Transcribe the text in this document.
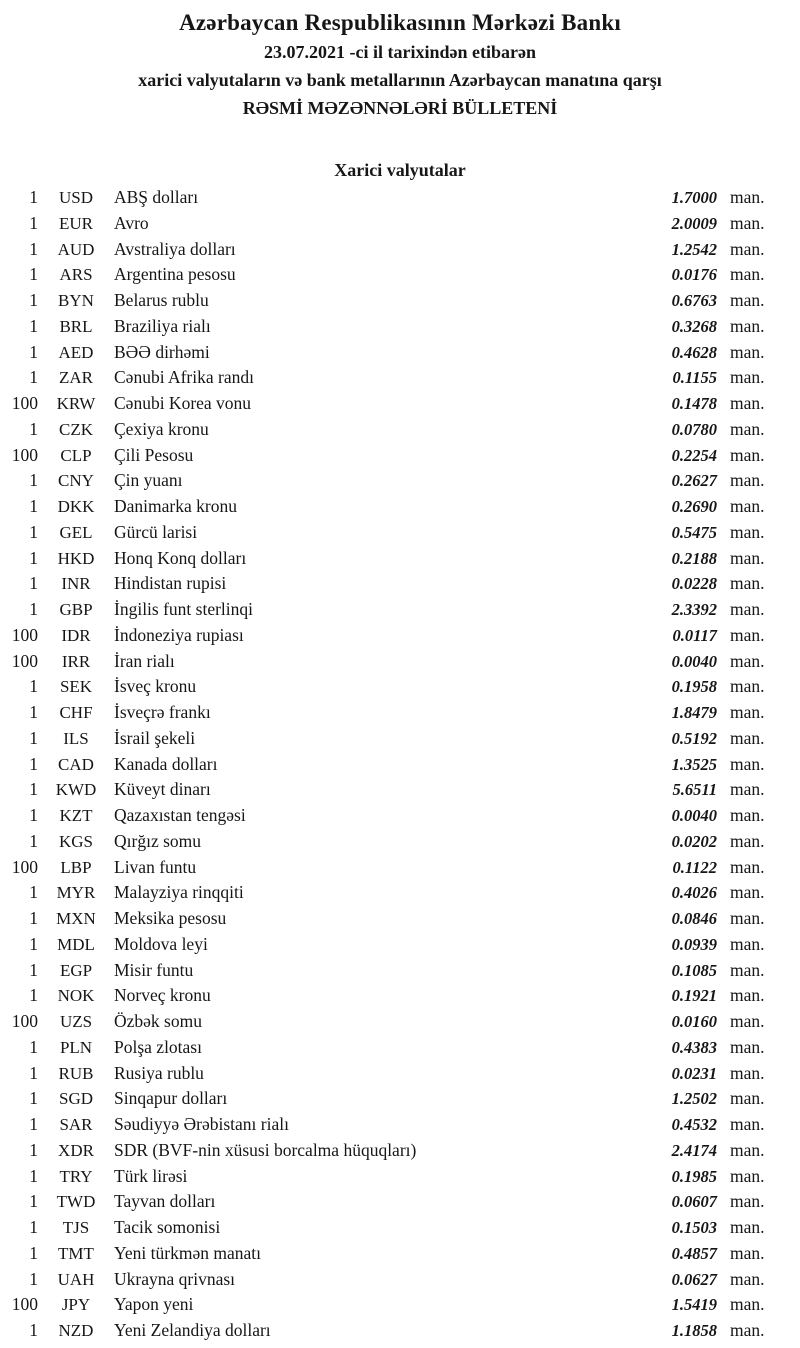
Azərbaycan Respublikasının Mərkəzi Bankı
23.07.2021 -ci il tarixindən etibarən
xarici valyutaların və bank metallarının Azərbaycan manatına qarşı
RƏSMİ MƏZƏNNƏLƏRİ BÜLLETENİ
Xarici valyutalar
1	USD	ABŞ dolları	1.7000 man.
1	EUR	Avro	2.0009 man.
1	AUD	Avstraliya dolları	1.2542 man.
1	ARS	Argentina pesosu	0.0176 man.
1	BYN	Belarus rublu	0.6763 man.
1	BRL	Braziliya rialı	0.3268 man.
1	AED	BƏƏ dirhəmi	0.4628 man.
1	ZAR	Cənubi Afrika randı	0.1155 man.
100	KRW	Cənubi Korea vonu	0.1478 man.
1	CZK	Çexiya kronu	0.0780 man.
100	CLP	Çili Pesosu	0.2254 man.
1	CNY	Çin yuanı	0.2627 man.
1	DKK	Danimarka kronu	0.2690 man.
1	GEL	Gürcü larisi	0.5475 man.
1	HKD	Honq Konq dolları	0.2188 man.
1	INR	Hindistan rupisi	0.0228 man.
1	GBP	İngilis funt sterlinqi	2.3392 man.
100	IDR	İndoneziya rupiası	0.0117 man.
100	IRR	İran rialı	0.0040 man.
1	SEK	İsveç kronu	0.1958 man.
1	CHF	İsveçrə frankı	1.8479 man.
1	ILS	İsrail şekeli	0.5192 man.
1	CAD	Kanada dolları	1.3525 man.
1	KWD	Küveyt dinarı	5.6511 man.
1	KZT	Qazaxıstan tengəsi	0.0040 man.
1	KGS	Qırğız somu	0.0202 man.
100	LBP	Livan funtu	0.1122 man.
1	MYR	Malayziya rinqqiti	0.4026 man.
1	MXN	Meksika pesosu	0.0846 man.
1	MDL	Moldova leyi	0.0939 man.
1	EGP	Misir funtu	0.1085 man.
1	NOK	Norveç kronu	0.1921 man.
100	UZS	Özbək somu	0.0160 man.
1	PLN	Polşa zlotası	0.4383 man.
1	RUB	Rusiya rublu	0.0231 man.
1	SGD	Sinqapur dolları	1.2502 man.
1	SAR	Səudiyyə Ərəbistanı rialı	0.4532 man.
1	XDR	SDR (BVF-nin xüsusi borcalma hüquqları)	2.4174 man.
1	TRY	Türk lirəsi	0.1985 man.
1	TWD	Tayvan dolları	0.0607 man.
1	TJS	Tacik somonisi	0.1503 man.
1	TMT	Yeni türkmən manatı	0.4857 man.
1	UAH	Ukrayna qrivnası	0.0627 man.
100	JPY	Yapon yeni	1.5419 man.
1	NZD	Yeni Zelandiya dolları	1.1858 man.
